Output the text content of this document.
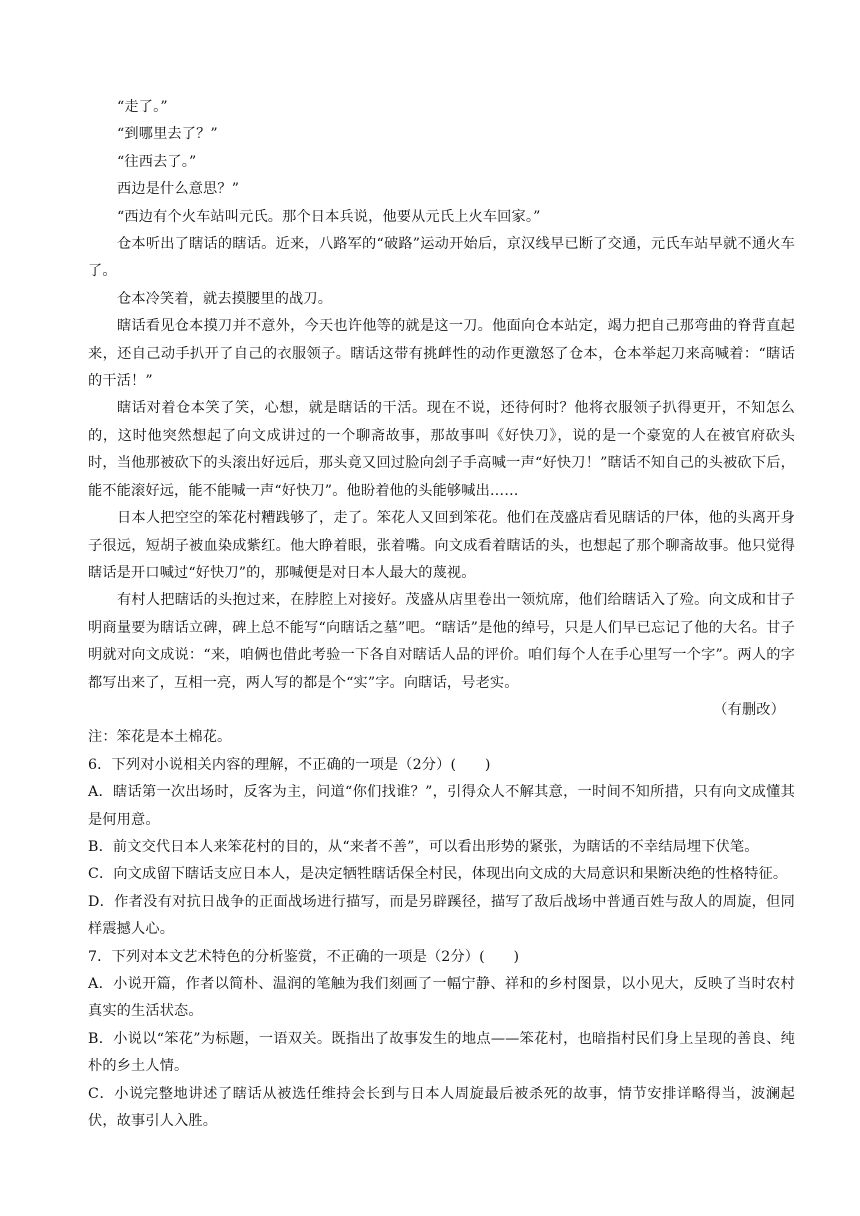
“走了。”

“到哪里去了？”

“往西去了。”

西边是什么意思？”

“西边有个火车站叫元氏。那个日本兵说，他要从元氏上火车回家。”

仓本听出了瞎话的瞎话。近来，八路军的“破路”运动开始后，京汉线早已断了交通，元氏车站早就不通火车了。

仓本冷笑着，就去摸腰里的战刀。

瞎话看见仓本摸刀并不意外，今天也许他等的就是这一刀。他面向仓本站定，竭力把自己那弯曲的脊背直起来，还自己动手扒开了自己的衣服领子。瞎话这带有挑衅性的动作更激怒了仓本，仓本举起刀来高喊着：“瞎话的干活！”

瞎话对着仓本笑了笑，心想，就是瞎话的干活。现在不说，还待何时？他将衣服领子扒得更开，不知怎么的，这时他突然想起了向文成讲过的一个聊斋故事，那故事叫《好快刀》，说的是一个豪宽的人在被官府砍头时，当他那被砍下的头滚出好远后，那头竟又回过脸向刽子手高喊一声“好快刀！”瞎话不知自己的头被砍下后，能不能滚好远，能不能喊一声“好快刀”。他盼着他的头能够喊出……

日本人把空空的笨花村糟践够了，走了。笨花人又回到笨花。他们在茂盛店看见瞎话的尸体，他的头离开身子很远，短胡子被血染成紫红。他大睁着眼，张着嘴。向文成看着瞎话的头，也想起了那个聊斋故事。他只觉得瞎话是开口喊过“好快刀”的，那喊便是对日本人最大的蔑视。

有村人把瞎话的头抱过来，在脖腔上对接好。茂盛从店里卷出一领炕席，他们给瞎话入了殓。向文成和甘子明商量要为瞎话立碑，碑上总不能写“向瞎话之墓”吧。“瞎话”是他的绰号，只是人们早已忘记了他的大名。甘子明就对向文成说：“来，咱俩也借此考验一下各自对瞎话人品的评价。咱们每个人在手心里写一个字”。两人的字都写出来了，互相一亮，两人写的都是个“实”字。向瞎话，号老实。

（有删改）

注：笨花是本土棉花。

6．下列对小说相关内容的理解，不正确的一项是（2分）(　　)

A．瞎话第一次出场时，反客为主，问道“你们找谁？”，引得众人不解其意，一时间不知所措，只有向文成懂其是何用意。

B．前文交代日本人来笨花村的目的，从“来者不善”，可以看出形势的紧张，为瞎话的不幸结局埋下伏笔。

C．向文成留下瞎话支应日本人，是决定牺牲瞎话保全村民，体现出向文成的大局意识和果断决绝的性格特征。

D．作者没有对抗日战争的正面战场进行描写，而是另辟蹊径，描写了敌后战场中普通百姓与敌人的周旋，但同样震撼人心。

7．下列对本文艺术特色的分析鉴赏，不正确的一项是（2分）(　　)

A．小说开篇，作者以简朴、温润的笔触为我们刻画了一幅宁静、祥和的乡村图景，以小见大，反映了当时农村真实的生活状态。

B．小说以“笨花”为标题，一语双关。既指出了故事发生的地点——笨花村，也暗指村民们身上呈现的善良、纯朴的乡土人情。

C．小说完整地讲述了瞎话从被选任维持会长到与日本人周旋最后被杀死的故事，情节安排详略得当，波澜起伏，故事引人入胜。
